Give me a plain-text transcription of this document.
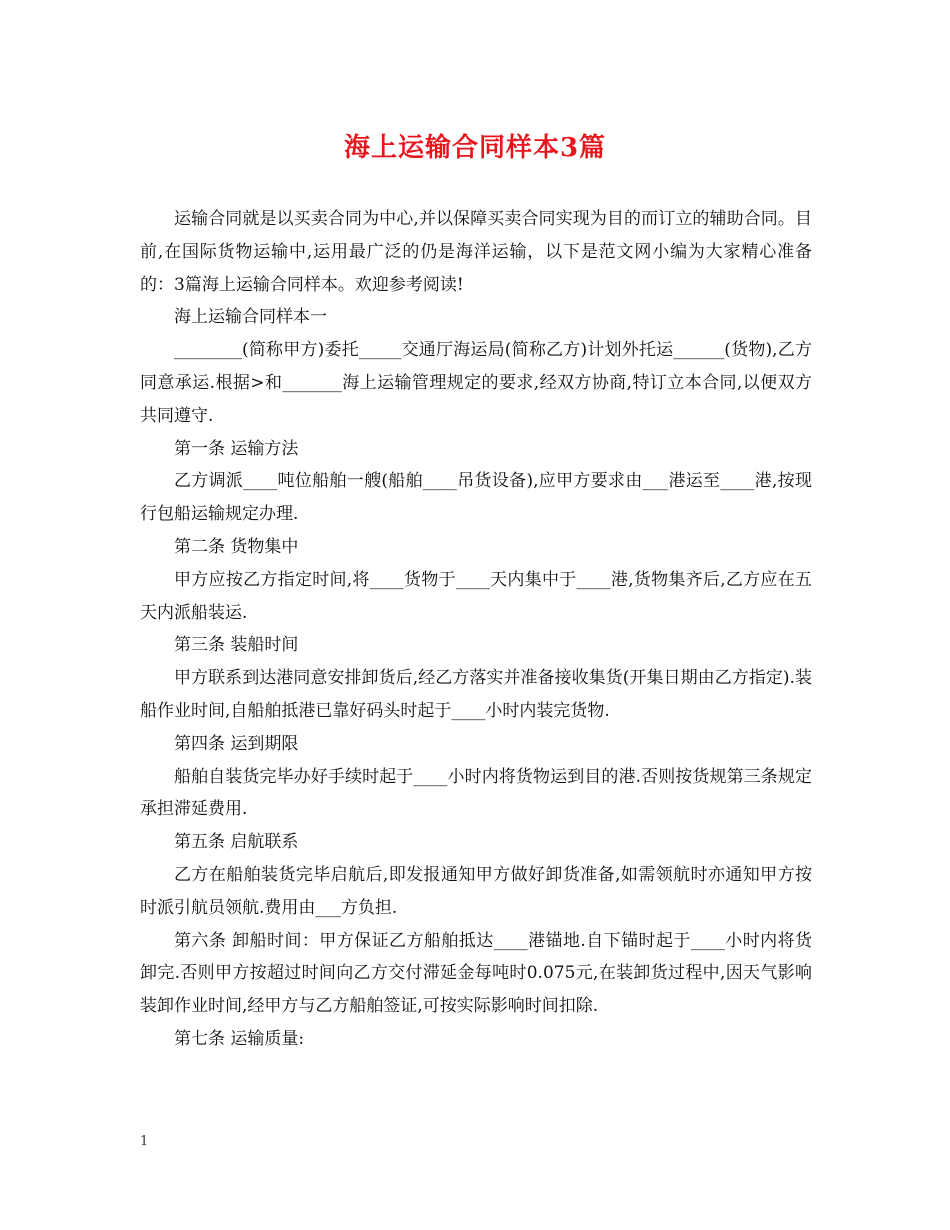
海上运输合同样本3篇

运输合同就是以买卖合同为中心,并以保障买卖合同实现为目的而订立的辅助合同。目前,在国际货物运输中,运用最广泛的仍是海洋运输，以下是范文网小编为大家精心准备的：3篇海上运输合同样本。欢迎参考阅读!

海上运输合同样本一

________(简称甲方)委托_____交通厅海运局(简称乙方)计划外托运______(货物),乙方同意承运.根据>和_______海上运输管理规定的要求,经双方协商,特订立本合同,以便双方共同遵守.

第一条 运输方法

乙方调派____吨位船舶一艘(船舶____吊货设备),应甲方要求由___港运至____港,按现行包船运输规定办理.

第二条 货物集中

甲方应按乙方指定时间,将____货物于____天内集中于____港,货物集齐后,乙方应在五天内派船装运.

第三条 装船时间

甲方联系到达港同意安排卸货后,经乙方落实并准备接收集货(开集日期由乙方指定).装船作业时间,自船舶抵港已靠好码头时起于____小时内装完货物.

第四条 运到期限

船舶自装货完毕办好手续时起于____小时内将货物运到目的港.否则按货规第三条规定承担滞延费用.

第五条 启航联系

乙方在船舶装货完毕启航后,即发报通知甲方做好卸货准备,如需领航时亦通知甲方按时派引航员领航.费用由___方负担.

第六条 卸船时间：甲方保证乙方船舶抵达____港锚地.自下锚时起于____小时内将货卸完.否则甲方按超过时间向乙方交付滞延金每吨时0.075元,在装卸货过程中,因天气影响装卸作业时间,经甲方与乙方船舶签证,可按实际影响时间扣除.

第七条 运输质量:

1
